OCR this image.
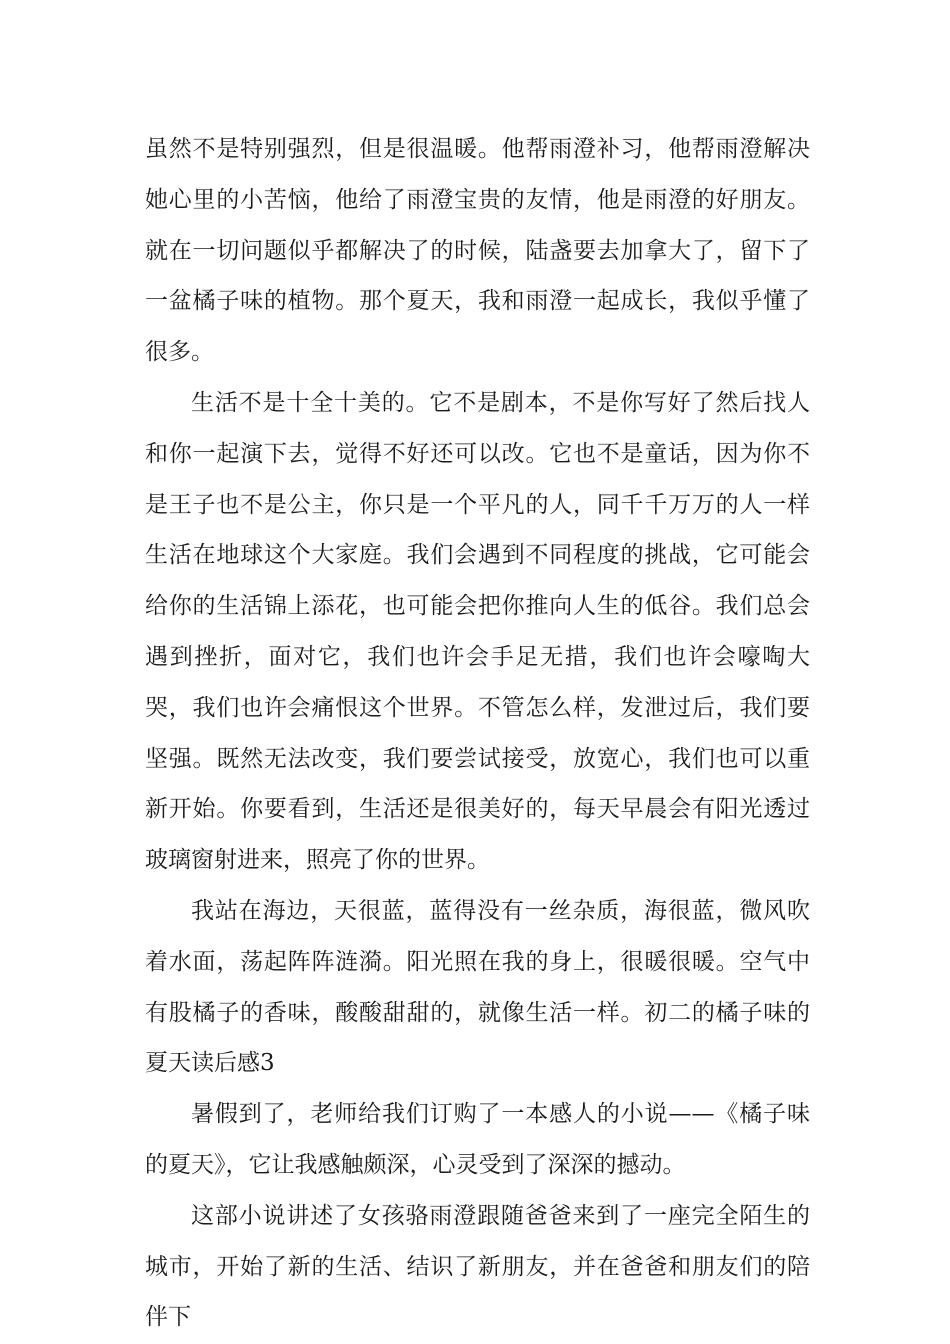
虽然不是特别强烈，但是很温暖。他帮雨澄补习，他帮雨澄解决她心里的小苦恼，他给了雨澄宝贵的友情，他是雨澄的好朋友。就在一切问题似乎都解决了的时候，陆盏要去加拿大了，留下了一盆橘子味的植物。那个夏天，我和雨澄一起成长，我似乎懂了很多。

生活不是十全十美的。它不是剧本，不是你写好了然后找人和你一起演下去，觉得不好还可以改。它也不是童话，因为你不是王子也不是公主，你只是一个平凡的人，同千千万万的人一样生活在地球这个大家庭。我们会遇到不同程度的挑战，它可能会给你的生活锦上添花，也可能会把你推向人生的低谷。我们总会遇到挫折，面对它，我们也许会手足无措，我们也许会嚎啕大哭，我们也许会痛恨这个世界。不管怎么样，发泄过后，我们要坚强。既然无法改变，我们要尝试接受，放宽心，我们也可以重新开始。你要看到，生活还是很美好的，每天早晨会有阳光透过玻璃窗射进来，照亮了你的世界。

我站在海边，天很蓝，蓝得没有一丝杂质，海很蓝，微风吹着水面，荡起阵阵涟漪。阳光照在我的身上，很暖很暖。空气中有股橘子的香味，酸酸甜甜的，就像生活一样。初二的橘子味的夏天读后感3

暑假到了，老师给我们订购了一本感人的小说——《橘子味的夏天》，它让我感触颇深，心灵受到了深深的撼动。

这部小说讲述了女孩骆雨澄跟随爸爸来到了一座完全陌生的城市，开始了新的生活、结识了新朋友，并在爸爸和朋友们的陪伴下
